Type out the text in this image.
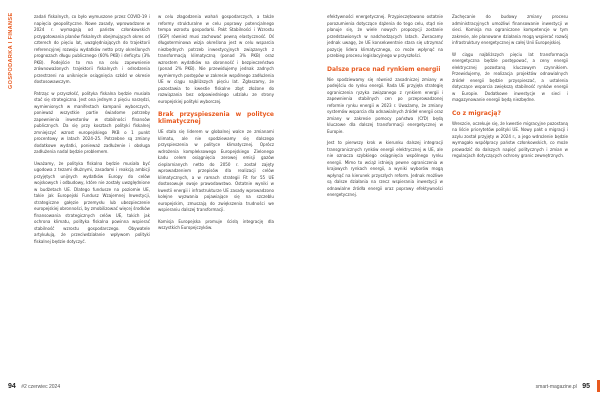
GOSPODARKA I FINANSE	zadań fiskalnych, co było wymuszone przez COVID-19 i napięcia geopolityczne. Nowe zasady, wprowadzone w 2024 r. wymagają od państw członkowskich przygotowania planów fiskalnych obejmujących okres od czterech do pięciu lat, uwzględniających do trajektorii referencyjnej rozwoju wydatków netto przy określonych prognozach długu publicznego (60% PKB) i deficytu (3% PKB). Podejście to ma na celu zapewnienie zrównoważonych trajektorii fiskalnych i odrodzenia przestrzeni na uniknięcie osiągnięcia szkód w okresie dostosowawczym.

Patrząc w przyszłość, polityka fiskalna będzie musiała stać się strategiczna. Jest ona jednym z pięciu narzędzi, wymienionych w manifestach kampanii wyborczych, ponieważ wszystkie partie świadome potrzeby zapewnienia inwestorów w stabilności finansów publicznych. Da się przy kosztach polityki fiskalnej zmniejszyć wzrost europejskiego PKB o 1 punkt procentowy w latach 2024–25. Potrzebne są zmiany dodatkowe wydatki, ponieważ zadłużenie i obsługa zadłużenia nadal będzie problemem.

Uważamy, że polityka fiskalna będzie musiała być ugodowa z tezami dłużnymi, zasadami i reakcją ambicji przyjętych unijnych wydatków Europy do celów wojskowych i odbudowy, które nie zostały uwzględnione w budżetach UE. Dlatego fundusze na poziomie UE, takie jak Europejski Fundusz Wzajemnej Inwestycji, strategiczne gałęzie przemysłu lub ubezpieczenie europejskiej obronności, by zmobilizować więcej środków finansowania strategicznych celów UE, takich jak ochrona klimatu, polityka fiskalna powinna wspierać stabilność wzrostu gospodarczego. Obywatele artykułują, że przeciwdziałanie wpływom polityki fiskalnej będzie dotyczyć.

w celu złagodzenia wahań gospodarczych, a także reformy strukturalne w celu poprawy potencjalnego tempa wzrostu gospodarki. Pakt Stabilności i Wzrostu (SGP) również musi zachować pewną elastyczność. Oś długoterminowa wizja określona jest w celu wsparcia niezbędnych potrzeb inwestycyjnych związanych z transformacją klimatyczną (ponad 3% PKB) oraz wzrostem wydatków na obronność i bezpieczeństwo (ponad 2% PKB). Nie przewidujemy jednak zadnych wymiernych postępów w zakresie wspólnego zadłużenia UE w ciągu najbliższych pięciu lat. Zgłaszamy, że pozostawia to kwestie fiskalne zbyt złożone do rozwiązania bez odpowiedniego udziału ze strony europejskiej polityki wyborczej.

Brak przyspieszenia w polityce klimatycznej

UE stała się liderem w globalnej walce ze zmianami klimatu, ale nie spodziewamy się dalszego przyspieszenia w polityce klimatycznej. Oprócz wdrożenia kompleksowego Europejskiego Zielonego Ładu celem osiągnięcia zerowej emisji gazów cieplarnianych netto do 2050 r. został zajęty wprowadzeniem przepisów dla realizacji celów klimatycznych, a w ramach strategii Fit for 55 UE dostosowuje swoje prawodawstwo. Ostatnie wyniki w kwestii energii i infrastrukturze UE zasady wprowadzono kolejne wyzwania pojawiające się na szczeblu europejskim, zmuszają do zwiększenia trudności we wspieraniu dalszej transformacji.

Komisja Europejska promuje ścisłą integrację dla wszystkich Europejczyków.

efektywności energetycznej. Przypieczętowano ostatnie porozumienia dotyczące dążenia do tego celu, stąd nie planuje się, że wiele nowych propozycji zostanie przedstawionych w nadchodzących latach. Zwracamy jednak uwagę, że UE konsekwentnie stara się utrzymać pozycję lidera klimatycznego, co może wpłynąć na przebieg procesu legislacyjnego w przyszłości.

Dalsze prace nad rynkiem energii

Nie spodziewamy się również zasadniczej zmiany w podejściu do rynku energii. Rada UE przyjęła strategię ograniczenia ryzyka związanego z rynkiem energii i zapewnienia stabilnych cen po przeprowadzonej reformie rynku energii w 2023 r. Uważamy, że zmiany systemów wsparcia dla odnawialnych źródeł energii oraz zmiany w zakresie pomocy państwa (CfD) będą kluczowe dla dalszej transformacji energetycznej w Europie.

Jest to pierwszy krok w kierunku dalszej integracji transgranicznych rynków energii elektrycznej w UE, ale nie oznacza szybkiego osiągnięcia wspólnego rynku energii. Mimo to wciąż istnieją pewne ograniczenia w krajowych rynkach energii, a wyniki wyborów mogą wpłynąć na kierunek przyszłych reform. Jednak możliwe są dalsze działania na rzecz wspierania inwestycji w odnawialne źródła energii oraz poprawy efektywności energetycznej.

Zachęcanie do budowy zmiany procesu administracyjnych umożliwi finansowanie inwestycji w sieci. Komisja ma ograniczone kompetencje w tym zakresie, ale planowane działania mogą wspierać rozwój infrastruktury energetycznej w całej Unii Europejskiej.

W ciągu najbliższych pięciu lat transformacja energetyczna będzie postępować, a ceny energii elektrycznej pozostaną kluczowym czynnikiem. Przewidujemy, że realizacja projektów odnawialnych źródeł energii będzie przyspieszać, a ustalenia dotyczące wsparcia zwiększą stabilność rynków energii w Europie. Dodatkowe inwestycje w sieci i magazynowanie energii będą niezbędne.

Co z migracją?

Wreszcie, oczekuje się, że kwestie migracyjne pozostaną na liście priorytetów polityki UE. Nowy pakt o migracji i azylu został przyjęty w 2024 r., a jego wdrożenie będzie wymagało współpracy państw członkowskich, co może prowadzić do dalszych napięć politycznych i zmian w regulacjach dotyczących ochrony granic zewnętrznych.

94 #2 czerwiec 2024	smart-magazine.pl 95
